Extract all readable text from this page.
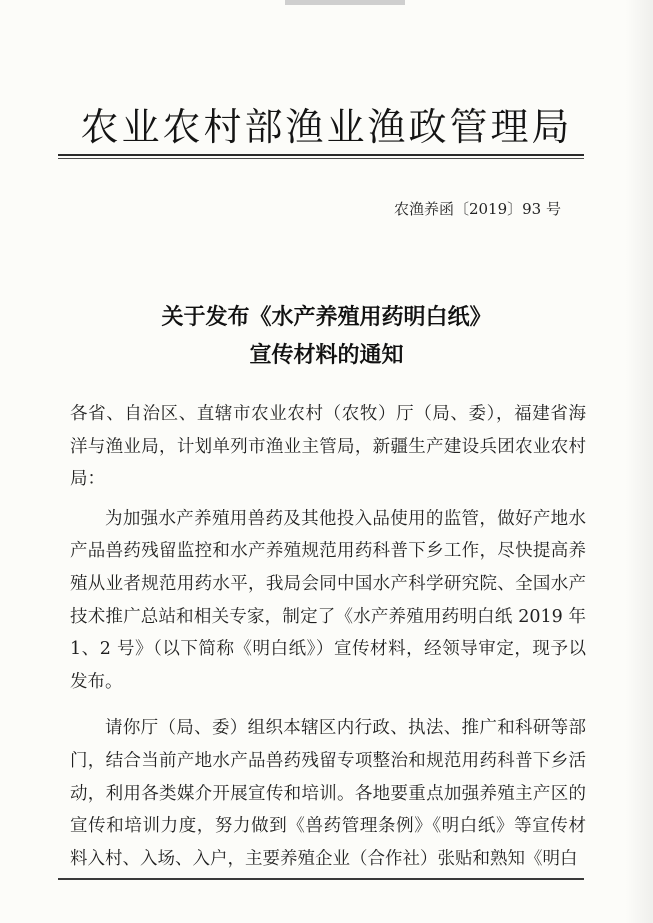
农业农村部渔业渔政管理局
农渔养函〔2019〕93 号
关于发布《水产养殖用药明白纸》
宣传材料的通知

各省、自治区、直辖市农业农村（农牧）厅（局、委），福建省海洋与渔业局，计划单列市渔业主管局，新疆生产建设兵团农业农村局：

为加强水产养殖用兽药及其他投入品使用的监管，做好产地水产品兽药残留监控和水产养殖规范用药科普下乡工作，尽快提高养殖从业者规范用药水平，我局会同中国水产科学研究院、全国水产技术推广总站和相关专家，制定了《水产养殖用药明白纸 2019 年 1、2 号》（以下简称《明白纸》）宣传材料，经领导审定，现予以发布。

请你厅（局、委）组织本辖区内行政、执法、推广和科研等部门，结合当前产地水产品兽药残留专项整治和规范用药科普下乡活动，利用各类媒介开展宣传和培训。各地要重点加强养殖主产区的宣传和培训力度，努力做到《兽药管理条例》《明白纸》等宣传材料入村、入场、入户，主要养殖企业（合作社）张贴和熟知《明白
